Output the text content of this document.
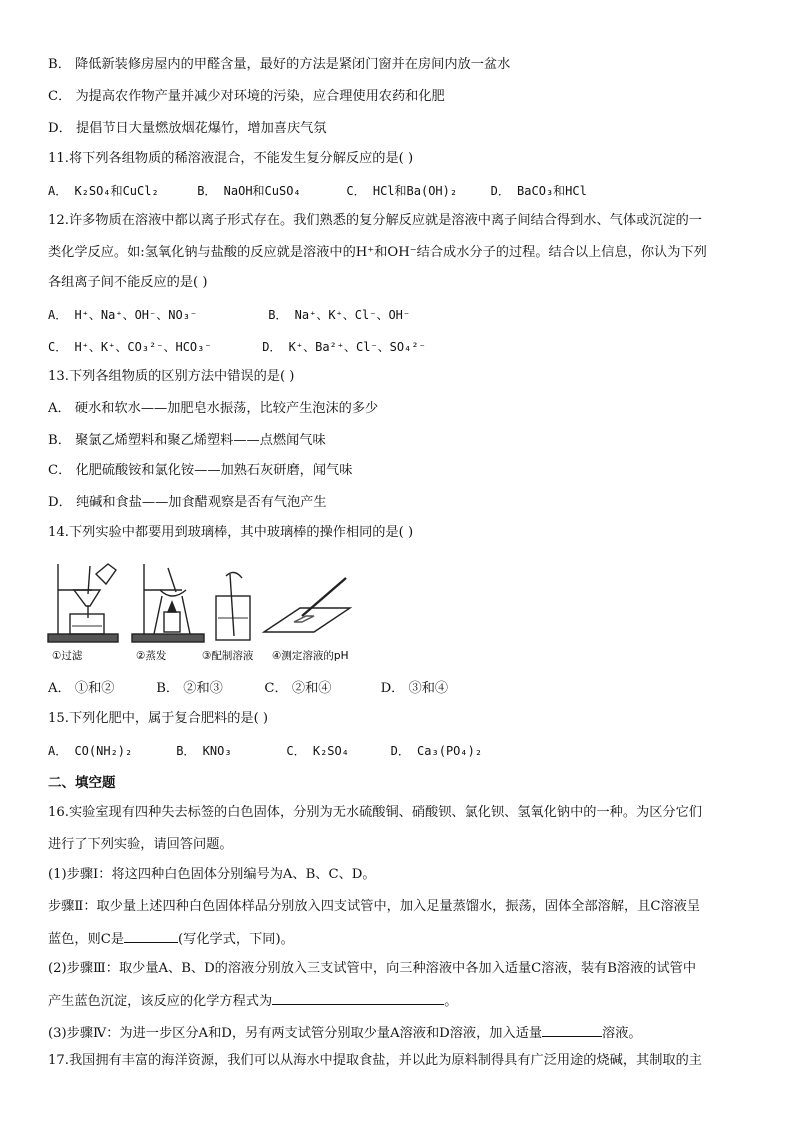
B． 降低新装修房屋内的甲醛含量，最好的方法是紧闭门窗并在房间内放一盆水
C． 为提高农作物产量并减少对环境的污染，应合理使用农药和化肥
D． 提倡节日大量燃放烟花爆竹，增加喜庆气氛
11.将下列各组物质的稀溶液混合，不能发生复分解反应的是( )
A． K₂SO₄和CuCl₂	B． NaOH和CuSO₄	C． HCl和Ba(OH)₂	D． BaCO₃和HCl
12.许多物质在溶液中都以离子形式存在。我们熟悉的复分解反应就是溶液中离子间结合得到水、气体或沉淀的一
类化学反应。如:氢氧化钠与盐酸的反应就是溶液中的H⁺和OH⁻结合成水分子的过程。结合以上信息，你认为下列
各组离子间不能反应的是( )
A． H⁺、Na⁺、OH⁻、NO₃⁻	B． Na⁺、K⁺、Cl⁻、OH⁻
C． H⁺、K⁺、CO₃²⁻、HCO₃⁻	D． K⁺、Ba²⁺、Cl⁻、SO₄²⁻
13.下列各组物质的区别方法中错误的是( )
A． 硬水和软水——加肥皂水振荡，比较产生泡沫的多少
B． 聚氯乙烯塑料和聚乙烯塑料——点燃闻气味
C． 化肥硫酸铵和氯化铵——加熟石灰研磨，闻气味
D． 纯碱和食盐——加食醋观察是否有气泡产生
14.下列实验中都要用到玻璃棒，其中玻璃棒的操作相同的是( )
①过滤	②蒸发	③配制溶液 ④测定溶液的pH
A． ①和②	B． ②和③	C． ②和④	D． ③和④
15.下列化肥中，属于复合肥料的是( )
A． CO(NH₂)₂	B． KNO₃	C． K₂SO₄	D． Ca₃(PO₄)₂
二、填空题
16.实验室现有四种失去标签的白色固体，分别为无水硫酸铜、硝酸钡、氯化钡、氢氧化钠中的一种。为区分它们
进行了下列实验，请回答问题。
(1)步骤Ⅰ：将这四种白色固体分别编号为A、B、C、D。
步骤Ⅱ：取少量上述四种白色固体样品分别放入四支试管中，加入足量蒸馏水，振荡，固体全部溶解，且C溶液呈
蓝色，则C是	(写化学式，下同)。
(2)步骤Ⅲ：取少量A、B、D的溶液分别放入三支试管中，向三种溶液中各加入适量C溶液，装有B溶液的试管中
产生蓝色沉淀，该反应的化学方程式为	。
(3)步骤Ⅳ：为进一步区分A和D，另有两支试管分别取少量A溶液和D溶液，加入适量	溶液。
17.我国拥有丰富的海洋资源，我们可以从海水中提取食盐，并以此为原料制得具有广泛用途的烧碱，其制取的主
